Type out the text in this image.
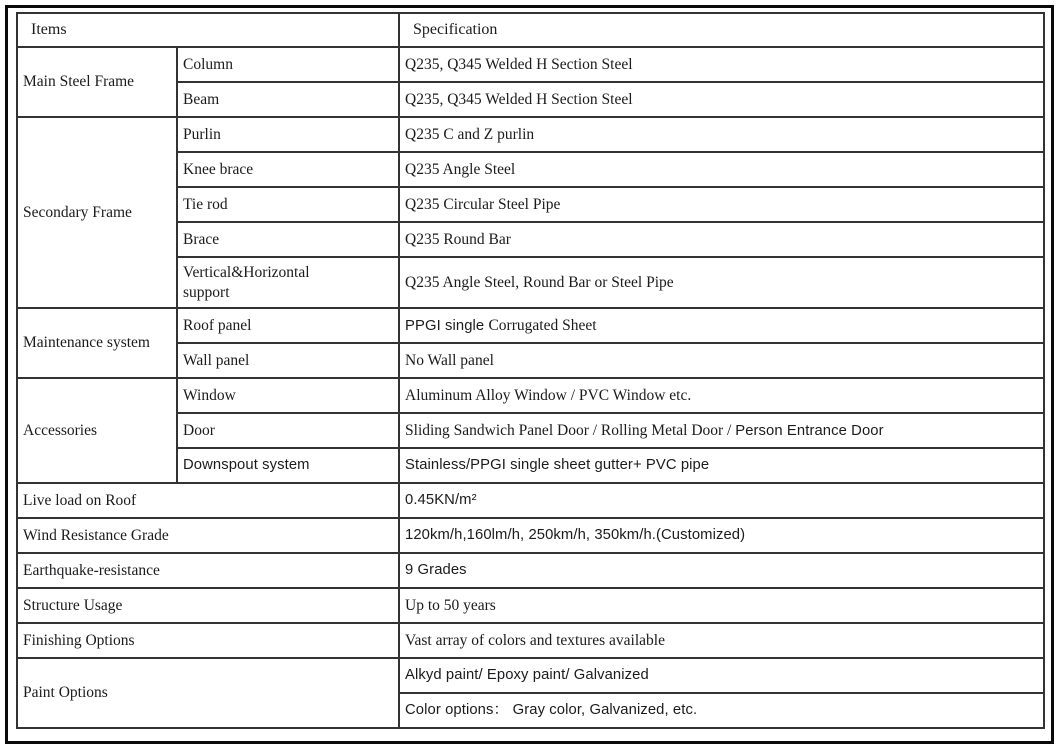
Items		Specification
Main Steel Frame	Column	Q235, Q345 Welded H Section Steel
	Beam	Q235, Q345 Welded H Section Steel
Secondary Frame	Purlin	Q235 C and Z purlin
	Knee brace	Q235 Angle Steel
	Tie rod	Q235 Circular Steel Pipe
	Brace	Q235 Round Bar
	Vertical&Horizontal support	Q235 Angle Steel, Round Bar or Steel Pipe
Maintenance system	Roof panel	PPGI single Corrugated Sheet
	Wall panel	No Wall panel
Accessories	Window	Aluminum Alloy Window / PVC Window etc.
	Door	Sliding Sandwich Panel Door / Rolling Metal Door / Person Entrance Door
	Downspout system	Stainless/PPGI single sheet gutter+ PVC pipe
Live load on Roof		0.45KN/m²
Wind Resistance Grade		120km/h,160lm/h, 250km/h, 350km/h.(Customized)
Earthquake-resistance		9 Grades
Structure Usage		Up to 50 years
Finishing Options		Vast array of colors and textures available
Paint Options		Alkyd paint/ Epoxy paint/ Galvanized
		Color options： Gray color, Galvanized, etc.
